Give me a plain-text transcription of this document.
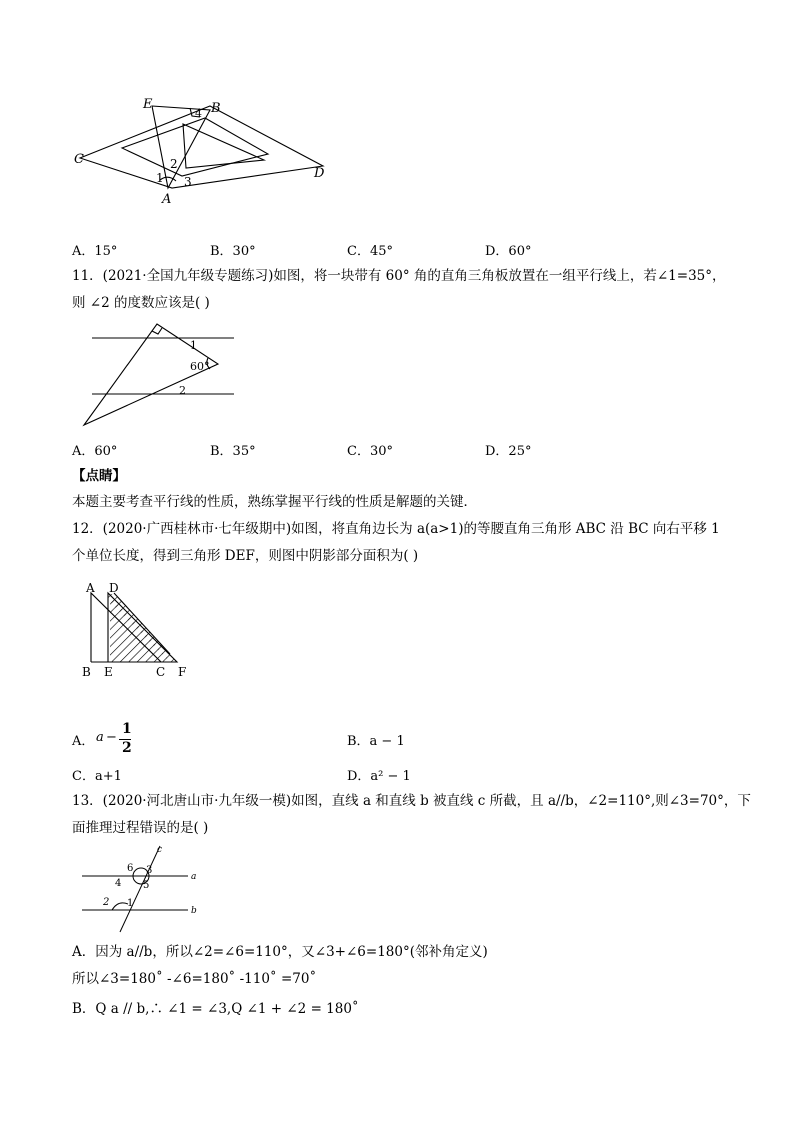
E	B
C
D
A
1
2
3
4
A．15°	B．30°	C．45°	D．60°
11．(2021·全国九年级专题练习)如图，将一块带有 60° 角的直角三角板放置在一组平行线上，若∠1=35°，
则 ∠2 的度数应该是( )
1
60°
2
A．60°	B．35°	C．30°	D．25°
【点睛】
本题主要考查平行线的性质，熟练掌握平行线的性质是解题的关键．
12．(2020·广西桂林市·七年级期中)如图，将直角边长为 a(a>1)的等腰直角三角形 ABC 沿 BC 向右平移 1
个单位长度，得到三角形 DEF，则图中阴影部分面积为( )
A D
B E	C F
A． a −
1
2	B．a − 1
C．a+1	D．a² − 1
13．(2020·河北唐山市·九年级一模)如图，直线 a 和直线 b 被直线 c 所截，且 a//b，∠2=110°,则∠3=70°，下
面推理过程错误的是( )
c
a
b
6 3
4 5
2 1
A．因为 a//b，所以∠2=∠6=110°，又∠3+∠6=180°(邻补角定义)
所以∠3=180˚ -∠6=180˚ -110˚ =70˚
B．Q a // b,∴ ∠1 = ∠3,Q ∠1 + ∠2 = 180˚
